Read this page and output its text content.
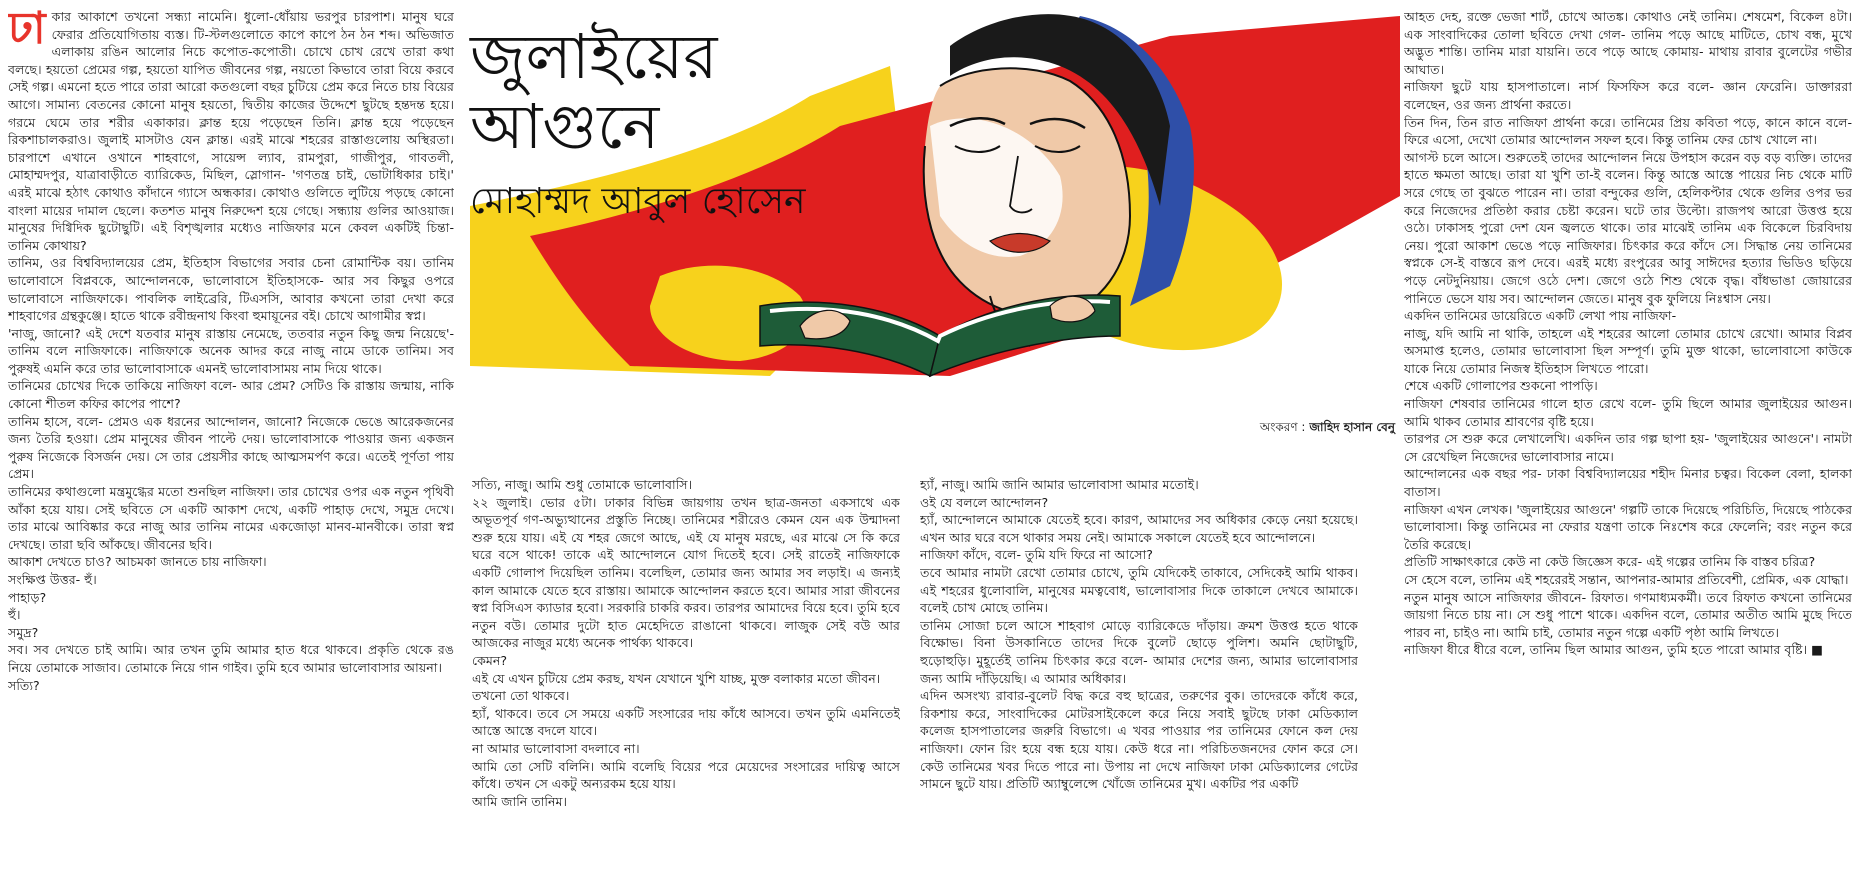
জুলাইয়ের
আগুনে
মোহাম্মদ আবুল হোসেন
অংকরণ : জাহিদ হাসান বেনু
ঢা কার আকাশে তখনো সন্ধ্যা নামেনি। ধুলো-ধোঁয়ায় ভরপুর চারপাশ। মানুষ ঘরে ফেরার প্রতিযোগিতায় ব্যস্ত। টি-স্টলগুলোতে কাপে কাপে ঠন ঠন শব্দ। অভিজাত এলাকায় রঙিন আলোর নিচে কপোত-কপোতী। চোখে চোখ রেখে তারা কথা বলছে। হয়তো প্রেমের গল্প, হয়তো যাপিত জীবনের গল্প, নয়তো কিভাবে তারা বিয়ে করবে সেই গল্প। এমনো হতে পারে তারা আরো কতগুলো বছর চুটিয়ে প্রেম করে নিতে চায় বিয়ের আগে। সামান্য বেতনের কোনো মানুষ হয়তো, দ্বিতীয় কাজের উদ্দেশে ছুটছে হন্তদন্ত হয়ে। গরমে ঘেমে তার শরীর একাকার। ক্লান্ত হয়ে পড়েছেন তিনি। ক্লান্ত হয়ে পড়েছেন রিকশাচালকরাও। জুলাই মাসটাও যেন ক্লান্ত। এরই মাঝে শহরের রাস্তাগুলোয় অস্থিরতা। চারপাশে এখানে ওখানে শাহবাগে, সায়েন্স ল্যাব, রামপুরা, গাজীপুর, গাবতলী, মোহাম্মদপুর, যাত্রাবাড়ীতে ব্যারিকেড, মিছিল, স্লোগান- 'গণতন্ত্র চাই, ভোটাধিকার চাই।' এরই মাঝে হঠাৎ কোথাও কাঁদানে গ্যাসে অন্ধকার। কোথাও গুলিতে লুটিয়ে পড়ছে কোনো বাংলা মায়ের দামাল ছেলে। কতশত মানুষ নিরুদ্দেশ হয়ে গেছে। সন্ধ্যায় গুলির আওয়াজ। মানুষের দিগ্বিদিক ছুটোছুটি। এই বিশৃঙ্খলার মধ্যেও নাজিফার মনে কেবল একটিই চিন্তা- তানিম কোথায়?

তানিম, ওর বিশ্ববিদ্যালয়ের প্রেম, ইতিহাস বিভাগের সবার চেনা রোমান্টিক বয়। তানিম ভালোবাসে বিপ্লবকে, আন্দোলনকে, ভালোবাসে ইতিহাসকে- আর সব কিছুর ওপরে ভালোবাসে নাজিফাকে। পাবলিক লাইব্রেরি, টিএসসি, আবার কখনো তারা দেখা করে শাহবাগের গ্রন্থকুঞ্জে। হাতে থাকে রবীন্দ্রনাথ কিংবা হুমায়ূনের বই। চোখে আগামীর স্বপ্ন।

'নাজু, জানো? এই দেশে যতবার মানুষ রাস্তায় নেমেছে, ততবার নতুন কিছু জন্ম নিয়েছে'- তানিম বলে নাজিফাকে। নাজিফাকে অনেক আদর করে নাজু নামে ডাকে তানিম। সব পুরুষই এমনি করে তার ভালোবাসাকে এমনই ভালোবাসাময় নাম দিয়ে থাকে।

তানিমের চোখের দিকে তাকিয়ে নাজিফা বলে- আর প্রেম? সেটিও কি রাস্তায় জন্মায়, নাকি কোনো শীতল কফির কাপের পাশে?

তানিম হাসে, বলে- প্রেমও এক ধরনের আন্দোলন, জানো? নিজেকে ভেঙে আরেকজনের জন্য তৈরি হওয়া। প্রেম মানুষের জীবন পাল্টে দেয়। ভালোবাসাকে পাওয়ার জন্য একজন পুরুষ নিজেকে বিসর্জন দেয়। সে তার প্রেয়সীর কাছে আত্মসমর্পণ করে। এতেই পূর্ণতা পায় প্রেম।

তানিমের কথাগুলো মন্ত্রমুগ্ধের মতো শুনছিল নাজিফা। তার চোখের ওপর এক নতুন পৃথিবী আঁকা হয়ে যায়। সেই ছবিতে সে একটি আকাশ দেখে, একটি পাহাড় দেখে, সমুদ্র দেখে। তার মাঝে আবিষ্কার করে নাজু আর তানিম নামের একজোড়া মানব-মানবীকে। তারা স্বপ্ন দেখছে। তারা ছবি আঁকছে। জীবনের ছবি।

আকাশ দেখতে চাও? আচমকা জানতে চায় নাজিফা।

সংক্ষিপ্ত উত্তর- হুঁ।

পাহাড়?

হুঁ।

সমুদ্র?

সব। সব দেখতে চাই আমি। আর তখন তুমি আমার হাত ধরে থাকবে। প্রকৃতি থেকে রঙ নিয়ে তোমাকে সাজাব। তোমাকে নিয়ে গান গাইব। তুমি হবে আমার ভালোবাসার আয়না।

সত্যি?

সত্যি, নাজু। আমি শুধু তোমাকে ভালোবাসি।

২২ জুলাই। ভোর ৫টা। ঢাকার বিভিন্ন জায়গায় তখন ছাত্র-জনতা একসাথে এক অভূতপূর্ব গণ-অভ্যুত্থানের প্রস্তুতি নিচ্ছে। তানিমের শরীরেও কেমন যেন এক উন্মাদনা শুরু হয়ে যায়। এই যে শহর জেগে আছে, এই যে মানুষ মরছে, এর মাঝে সে কি করে ঘরে বসে থাকে! তাকে এই আন্দোলনে যোগ দিতেই হবে। সেই রাতেই নাজিফাকে একটি গোলাপ দিয়েছিল তানিম। বলেছিল, তোমার জন্য আমার সব লড়াই। এ জন্যই কাল আমাকে যেতে হবে রাস্তায়। আমাকে আন্দোলন করতে হবে। আমার সারা জীবনের স্বপ্ন বিসিএস ক্যাডার হবো। সরকারি চাকরি করব। তারপর আমাদের বিয়ে হবে। তুমি হবে নতুন বউ। তোমার দুটো হাত মেহেদিতে রাঙানো থাকবে। লাজুক সেই বউ আর আজকের নাজুর মধ্যে অনেক পার্থক্য থাকবে।

কেমন?

এই যে এখন চুটিয়ে প্রেম করছ, যখন যেখানে খুশি যাচ্ছ, মুক্ত বলাকার মতো জীবন।

তখনো তো থাকবে।

হ্যাঁ, থাকবে। তবে সে সময়ে একটি সংসারের দায় কাঁধে আসবে। তখন তুমি এমনিতেই আস্তে আস্তে বদলে যাবে।

না আমার ভালোবাসা বদলাবে না।

আমি তো সেটি বলিনি। আমি বলেছি বিয়ের পরে মেয়েদের সংসারের দায়িত্ব আসে কাঁধে। তখন সে একটু অন্যরকম হয়ে যায়।

আমি জানি তানিম।

হ্যাঁ, নাজু। আমি জানি আমার ভালোবাসা আমার মতোই।

ওই যে বললে আন্দোলন?

হ্যাঁ, আন্দোলনে আমাকে যেতেই হবে। কারণ, আমাদের সব অধিকার কেড়ে নেয়া হয়েছে। এখন আর ঘরে বসে থাকার সময় নেই। আমাকে সকালে যেতেই হবে আন্দোলনে।

নাজিফা কাঁদে, বলে- তুমি যদি ফিরে না আসো?

তবে আমার নামটা রেখো তোমার চোখে, তুমি যেদিকেই তাকাবে, সেদিকেই আমি থাকব। এই শহরের ধুলোবালি, মানুষের মমত্ববোধ, ভালোবাসার দিকে তাকালে দেখবে আমাকে। বলেই চোখ মোছে তানিম।

তানিম সোজা চলে আসে শাহবাগ মোড়ে ব্যারিকেডে দাঁড়ায়। ক্রমশ উত্তপ্ত হতে থাকে বিক্ষোভ। বিনা উসকানিতে তাদের দিকে বুলেট ছোড়ে পুলিশ। অমনি ছোটাছুটি, হুড়োহুড়ি। মুহূর্তেই তানিম চিৎকার করে বলে- আমার দেশের জন্য, আমার ভালোবাসার জন্য আমি দাঁড়িয়েছি। এ আমার অধিকার।

এদিন অসংখ্য রাবার-বুলেট বিদ্ধ করে বহু ছাত্রের, তরুণের বুক। তাদেরকে কাঁধে করে, রিকশায় করে, সাংবাদিকের মোটরসাইকেলে করে নিয়ে সবাই ছুটছে ঢাকা মেডিক্যাল কলেজ হাসপাতালের জরুরি বিভাগে। এ খবর পাওয়ার পর তানিমের ফোনে কল দেয় নাজিফা। ফোন রিং হয়ে বন্ধ হয়ে যায়। কেউ ধরে না। পরিচিতজনদের ফোন করে সে। কেউ তানিমের খবর দিতে পারে না। উপায় না দেখে নাজিফা ঢাকা মেডিক্যালের গেটের সামনে ছুটে যায়। প্রতিটি অ্যাম্বুলেন্সে খোঁজে তানিমের মুখ। একটির পর একটি

আহত দেহ, রক্তে ভেজা শার্ট, চোখে আতঙ্ক। কোথাও নেই তানিম। শেষমেশ, বিকেল ৪টা। এক সাংবাদিকের তোলা ছবিতে দেখা গেল- তানিম পড়ে আছে মাটিতে, চোখ বন্ধ, মুখে অদ্ভুত শান্তি। তানিম মারা যায়নি। তবে পড়ে আছে কোমায়- মাথায় রাবার বুলেটের গভীর আঘাত।

নাজিফা ছুটে যায় হাসপাতালে। নার্স ফিসফিস করে বলে- জ্ঞান ফেরেনি। ডাক্তাররা বলেছেন, ওর জন্য প্রার্থনা করতে।

তিন দিন, তিন রাত নাজিফা প্রার্থনা করে। তানিমের প্রিয় কবিতা পড়ে, কানে কানে বলে- ফিরে এসো, দেখো তোমার আন্দোলন সফল হবে। কিন্তু তানিম ফের চোখ খোলে না।

আগস্ট চলে আসে। শুরুতেই তাদের আন্দোলন নিয়ে উপহাস করেন বড় বড় ব্যক্তি। তাদের হাতে ক্ষমতা আছে। তারা যা খুশি তা-ই বলেন। কিন্তু আস্তে আস্তে পায়ের নিচ থেকে মাটি সরে গেছে তা বুঝতে পারেন না। তারা বন্দুকের গুলি, হেলিকপ্টার থেকে গুলির ওপর ভর করে নিজেদের প্রতিষ্ঠা করার চেষ্টা করেন। ঘটে তার উল্টো। রাজপথ আরো উত্তপ্ত হয়ে ওঠে। ঢাকাসহ পুরো দেশ যেন জ্বলতে থাকে। তার মাঝেই তানিম এক বিকেলে চিরবিদায় নেয়। পুরো আকাশ ভেঙে পড়ে নাজিফার। চিৎকার করে কাঁদে সে। সিদ্ধান্ত নেয় তানিমের স্বপ্নকে সে-ই বাস্তবে রূপ দেবে। এরই মধ্যে রংপুরের আবু সাঈদের হত্যার ভিডিও ছড়িয়ে পড়ে নেটদুনিয়ায়। জেগে ওঠে দেশ। জেগে ওঠে শিশু থেকে বৃদ্ধ। বাঁধভাঙা জোয়ারের পানিতে ভেসে যায় সব। আন্দোলন জেতে। মানুষ বুক ফুলিয়ে নিঃশ্বাস নেয়।

একদিন তানিমের ডায়েরিতে একটি লেখা পায় নাজিফা-

নাজু, যদি আমি না থাকি, তাহলে এই শহরের আলো তোমার চোখে রেখো। আমার বিপ্লব অসমাপ্ত হলেও, তোমার ভালোবাসা ছিল সম্পূর্ণ। তুমি মুক্ত থাকো, ভালোবাসো কাউকে যাকে নিয়ে তোমার নিজস্ব ইতিহাস লিখতে পারো।

শেষে একটি গোলাপের শুকনো পাপড়ি।

নাজিফা শেষবার তানিমের গালে হাত রেখে বলে- তুমি ছিলে আমার জুলাইয়ের আগুন। আমি থাকব তোমার শ্রাবণের বৃষ্টি হয়ে।

তারপর সে শুরু করে লেখালেখি। একদিন তার গল্প ছাপা হয়- 'জুলাইয়ের আগুনে'। নামটা সে রেখেছিল নিজেদের ভালোবাসার নামে।

আন্দোলনের এক বছর পর- ঢাকা বিশ্ববিদ্যালয়ের শহীদ মিনার চত্বর। বিকেল বেলা, হালকা বাতাস।

নাজিফা এখন লেখক। 'জুলাইয়ের আগুনে' গল্পটি তাকে দিয়েছে পরিচিতি, দিয়েছে পাঠকের ভালোবাসা। কিন্তু তানিমের না ফেরার যন্ত্রণা তাকে নিঃশেষ করে ফেলেনি; বরং নতুন করে তৈরি করেছে।

প্রতিটি সাক্ষাৎকারে কেউ না কেউ জিজ্ঞেস করে- এই গল্পের তানিম কি বাস্তব চরিত্র?

সে হেসে বলে, তানিম এই শহরেরই সন্তান, আপনার-আমার প্রতিবেশী, প্রেমিক, এক যোদ্ধা।

নতুন মানুষ আসে নাজিফার জীবনে- রিফাত। গণমাধ্যমকর্মী। তবে রিফাত কখনো তানিমের জায়গা নিতে চায় না। সে শুধু পাশে থাকে। একদিন বলে, তোমার অতীত আমি মুছে দিতে পারব না, চাইও না। আমি চাই, তোমার নতুন গল্পে একটি পৃষ্ঠা আমি লিখতে।

নাজিফা ধীরে ধীরে বলে, তানিম ছিল আমার আগুন, তুমি হতে পারো আমার বৃষ্টি। ■
